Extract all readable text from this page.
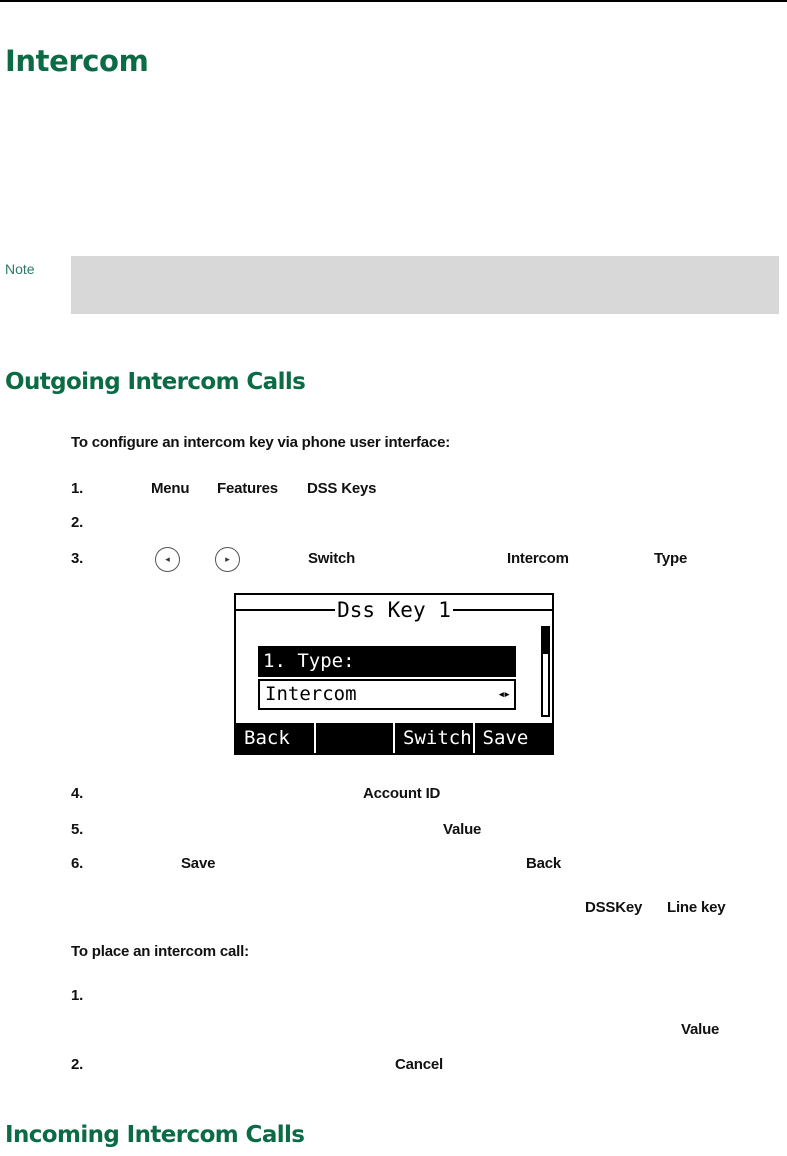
Intercom
Note
Outgoing Intercom Calls
To configure an intercom key via phone user interface:
1.	Menu Features DSS Keys
2.
3.	◂	▸	Switch	Intercom	Type
Dss Key 1
1. Type:
Intercom	◂▸
Back	Switch Save
4.	Account ID
5.	Value
6.	Save	Back
DSSKey Line key
To place an intercom call:
1.
Value
2.	Cancel
Incoming Intercom Calls
